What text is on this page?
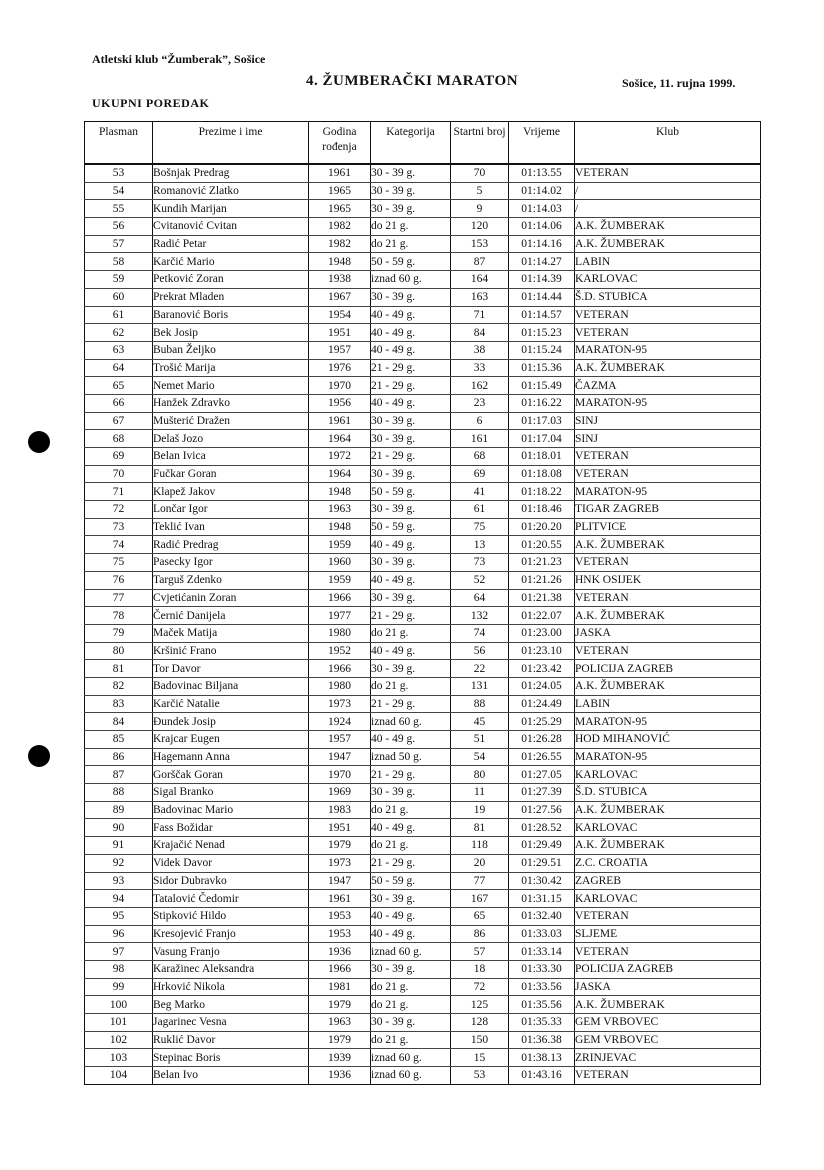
Atletski klub “Žumberak”, Sošice
4. ŽUMBERAČKI MARATON	Sošice, 11. rujna 1999.
UKUPNI POREDAK
Plasman	Prezime i ime	Godina rođenja	Kategorija	Startni broj	Vrijeme	Klub
53	Bošnjak Predrag	1961	30 - 39 g.	70	01:13.55	VETERAN
54	Romanović Zlatko	1965	30 - 39 g.	5	01:14.02	/
55	Kundih Marijan	1965	30 - 39 g.	9	01:14.03	/
56	Cvitanović Cvitan	1982	do 21 g.	120	01:14.06	A.K. ŽUMBERAK
57	Radić Petar	1982	do 21 g.	153	01:14.16	A.K. ŽUMBERAK
58	Karčić Mario	1948	50 - 59 g.	87	01:14.27	LABIN
59	Petković Zoran	1938	iznad 60 g.	164	01:14.39	KARLOVAC
60	Prekrat Mladen	1967	30 - 39 g.	163	01:14.44	Š.D. STUBICA
61	Baranović Boris	1954	40 - 49 g.	71	01:14.57	VETERAN
62	Bek Josip	1951	40 - 49 g.	84	01:15.23	VETERAN
63	Buban Željko	1957	40 - 49 g.	38	01:15.24	MARATON-95
64	Trošić Marija	1976	21 - 29 g.	33	01:15.36	A.K. ŽUMBERAK
65	Nemet Mario	1970	21 - 29 g.	162	01:15.49	ČAZMA
66	Hanžek Zdravko	1956	40 - 49 g.	23	01:16.22	MARATON-95
67	Mušterić Dražen	1961	30 - 39 g.	6	01:17.03	SINJ
68	Delaš Jozo	1964	30 - 39 g.	161	01:17.04	SINJ
69	Belan Ivica	1972	21 - 29 g.	68	01:18.01	VETERAN
70	Fučkar Goran	1964	30 - 39 g.	69	01:18.08	VETERAN
71	Klapež Jakov	1948	50 - 59 g.	41	01:18.22	MARATON-95
72	Lončar Igor	1963	30 - 39 g.	61	01:18.46	TIGAR ZAGREB
73	Teklić Ivan	1948	50 - 59 g.	75	01:20.20	PLITVICE
74	Radić Predrag	1959	40 - 49 g.	13	01:20.55	A.K. ŽUMBERAK
75	Pasecky Igor	1960	30 - 39 g.	73	01:21.23	VETERAN
76	Targuš Zdenko	1959	40 - 49 g.	52	01:21.26	HNK OSIJEK
77	Cvjetićanin Zoran	1966	30 - 39 g.	64	01:21.38	VETERAN
78	Černić Danijela	1977	21 - 29 g.	132	01:22.07	A.K. ŽUMBERAK
79	Maček Matija	1980	do 21 g.	74	01:23.00	JASKA
80	Kršinić Frano	1952	40 - 49 g.	56	01:23.10	VETERAN
81	Tor Davor	1966	30 - 39 g.	22	01:23.42	POLICIJA ZAGREB
82	Badovinac Biljana	1980	do 21 g.	131	01:24.05	A.K. ŽUMBERAK
83	Karčić Natalie	1973	21 - 29 g.	88	01:24.49	LABIN
84	Đundek Josip	1924	iznad 60 g.	45	01:25.29	MARATON-95
85	Krajcar Eugen	1957	40 - 49 g.	51	01:26.28	HOD MIHANOVIĆ
86	Hagemann Anna	1947	iznad 50 g.	54	01:26.55	MARATON-95
87	Gorščak Goran	1970	21 - 29 g.	80	01:27.05	KARLOVAC
88	Sigal Branko	1969	30 - 39 g.	11	01:27.39	Š.D. STUBICA
89	Badovinac Mario	1983	do 21 g.	19	01:27.56	A.K. ŽUMBERAK
90	Fass Božidar	1951	40 - 49 g.	81	01:28.52	KARLOVAC
91	Krajačić Nenad	1979	do 21 g.	118	01:29.49	A.K. ŽUMBERAK
92	Videk Davor	1973	21 - 29 g.	20	01:29.51	Z.C. CROATIA
93	Sidor Dubravko	1947	50 - 59 g.	77	01:30.42	ZAGREB
94	Tatalović Čedomir	1961	30 - 39 g.	167	01:31.15	KARLOVAC
95	Stipković Hildo	1953	40 - 49 g.	65	01:32.40	VETERAN
96	Kresojević Franjo	1953	40 - 49 g.	86	01:33.03	SLJEME
97	Vasung Franjo	1936	iznad 60 g.	57	01:33.14	VETERAN
98	Karažinec Aleksandra	1966	30 - 39 g.	18	01:33.30	POLICIJA ZAGREB
99	Hrković Nikola	1981	do 21 g.	72	01:33.56	JASKA
100	Beg Marko	1979	do 21 g.	125	01:35.56	A.K. ŽUMBERAK
101	Jagarinec Vesna	1963	30 - 39 g.	128	01:35.33	GEM VRBOVEC
102	Ruklić Davor	1979	do 21 g.	150	01:36.38	GEM VRBOVEC
103	Stepinac Boris	1939	iznad 60 g.	15	01:38.13	ZRINJEVAC
104	Belan Ivo	1936	iznad 60 g.	53	01:43.16	VETERAN
